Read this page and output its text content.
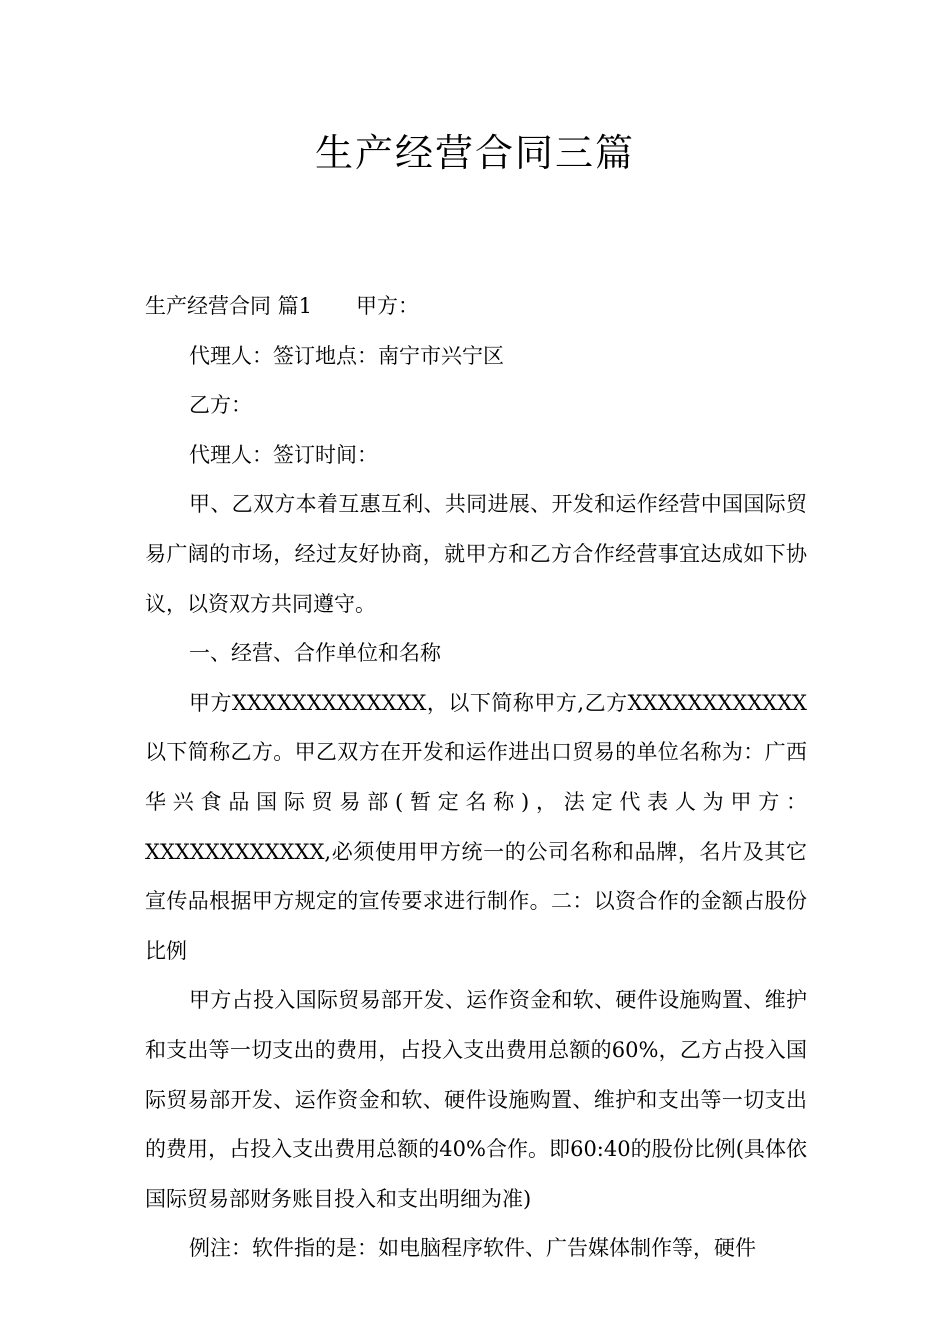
生产经营合同三篇

生产经营合同 篇1 甲方：

代理人：签订地点：南宁市兴宁区

乙方：

代理人：签订时间：

甲、乙双方本着互惠互利、共同进展、开发和运作经营中国国际贸易广阔的市场，经过友好协商，就甲方和乙方合作经营事宜达成如下协议，以资双方共同遵守。

一、经营、合作单位和名称

甲方XXXXXXXXXXXXX，以下简称甲方,乙方XXXXXXXXXXXX以下简称乙方。甲乙双方在开发和运作进出口贸易的单位名称为：广西华兴食品国际贸易部(暂定名称)，法定代表人为甲方：XXXXXXXXXXXX,必须使用甲方统一的公司名称和品牌，名片及其它宣传品根据甲方规定的宣传要求进行制作。二：以资合作的金额占股份比例

甲方占投入国际贸易部开发、运作资金和软、硬件设施购置、维护和支出等一切支出的费用，占投入支出费用总额的60%，乙方占投入国际贸易部开发、运作资金和软、硬件设施购置、维护和支出等一切支出的费用，占投入支出费用总额的40%合作。即60:40的股份比例(具体依国际贸易部财务账目投入和支出明细为准)

例注：软件指的是：如电脑程序软件、广告媒体制作等，硬件
